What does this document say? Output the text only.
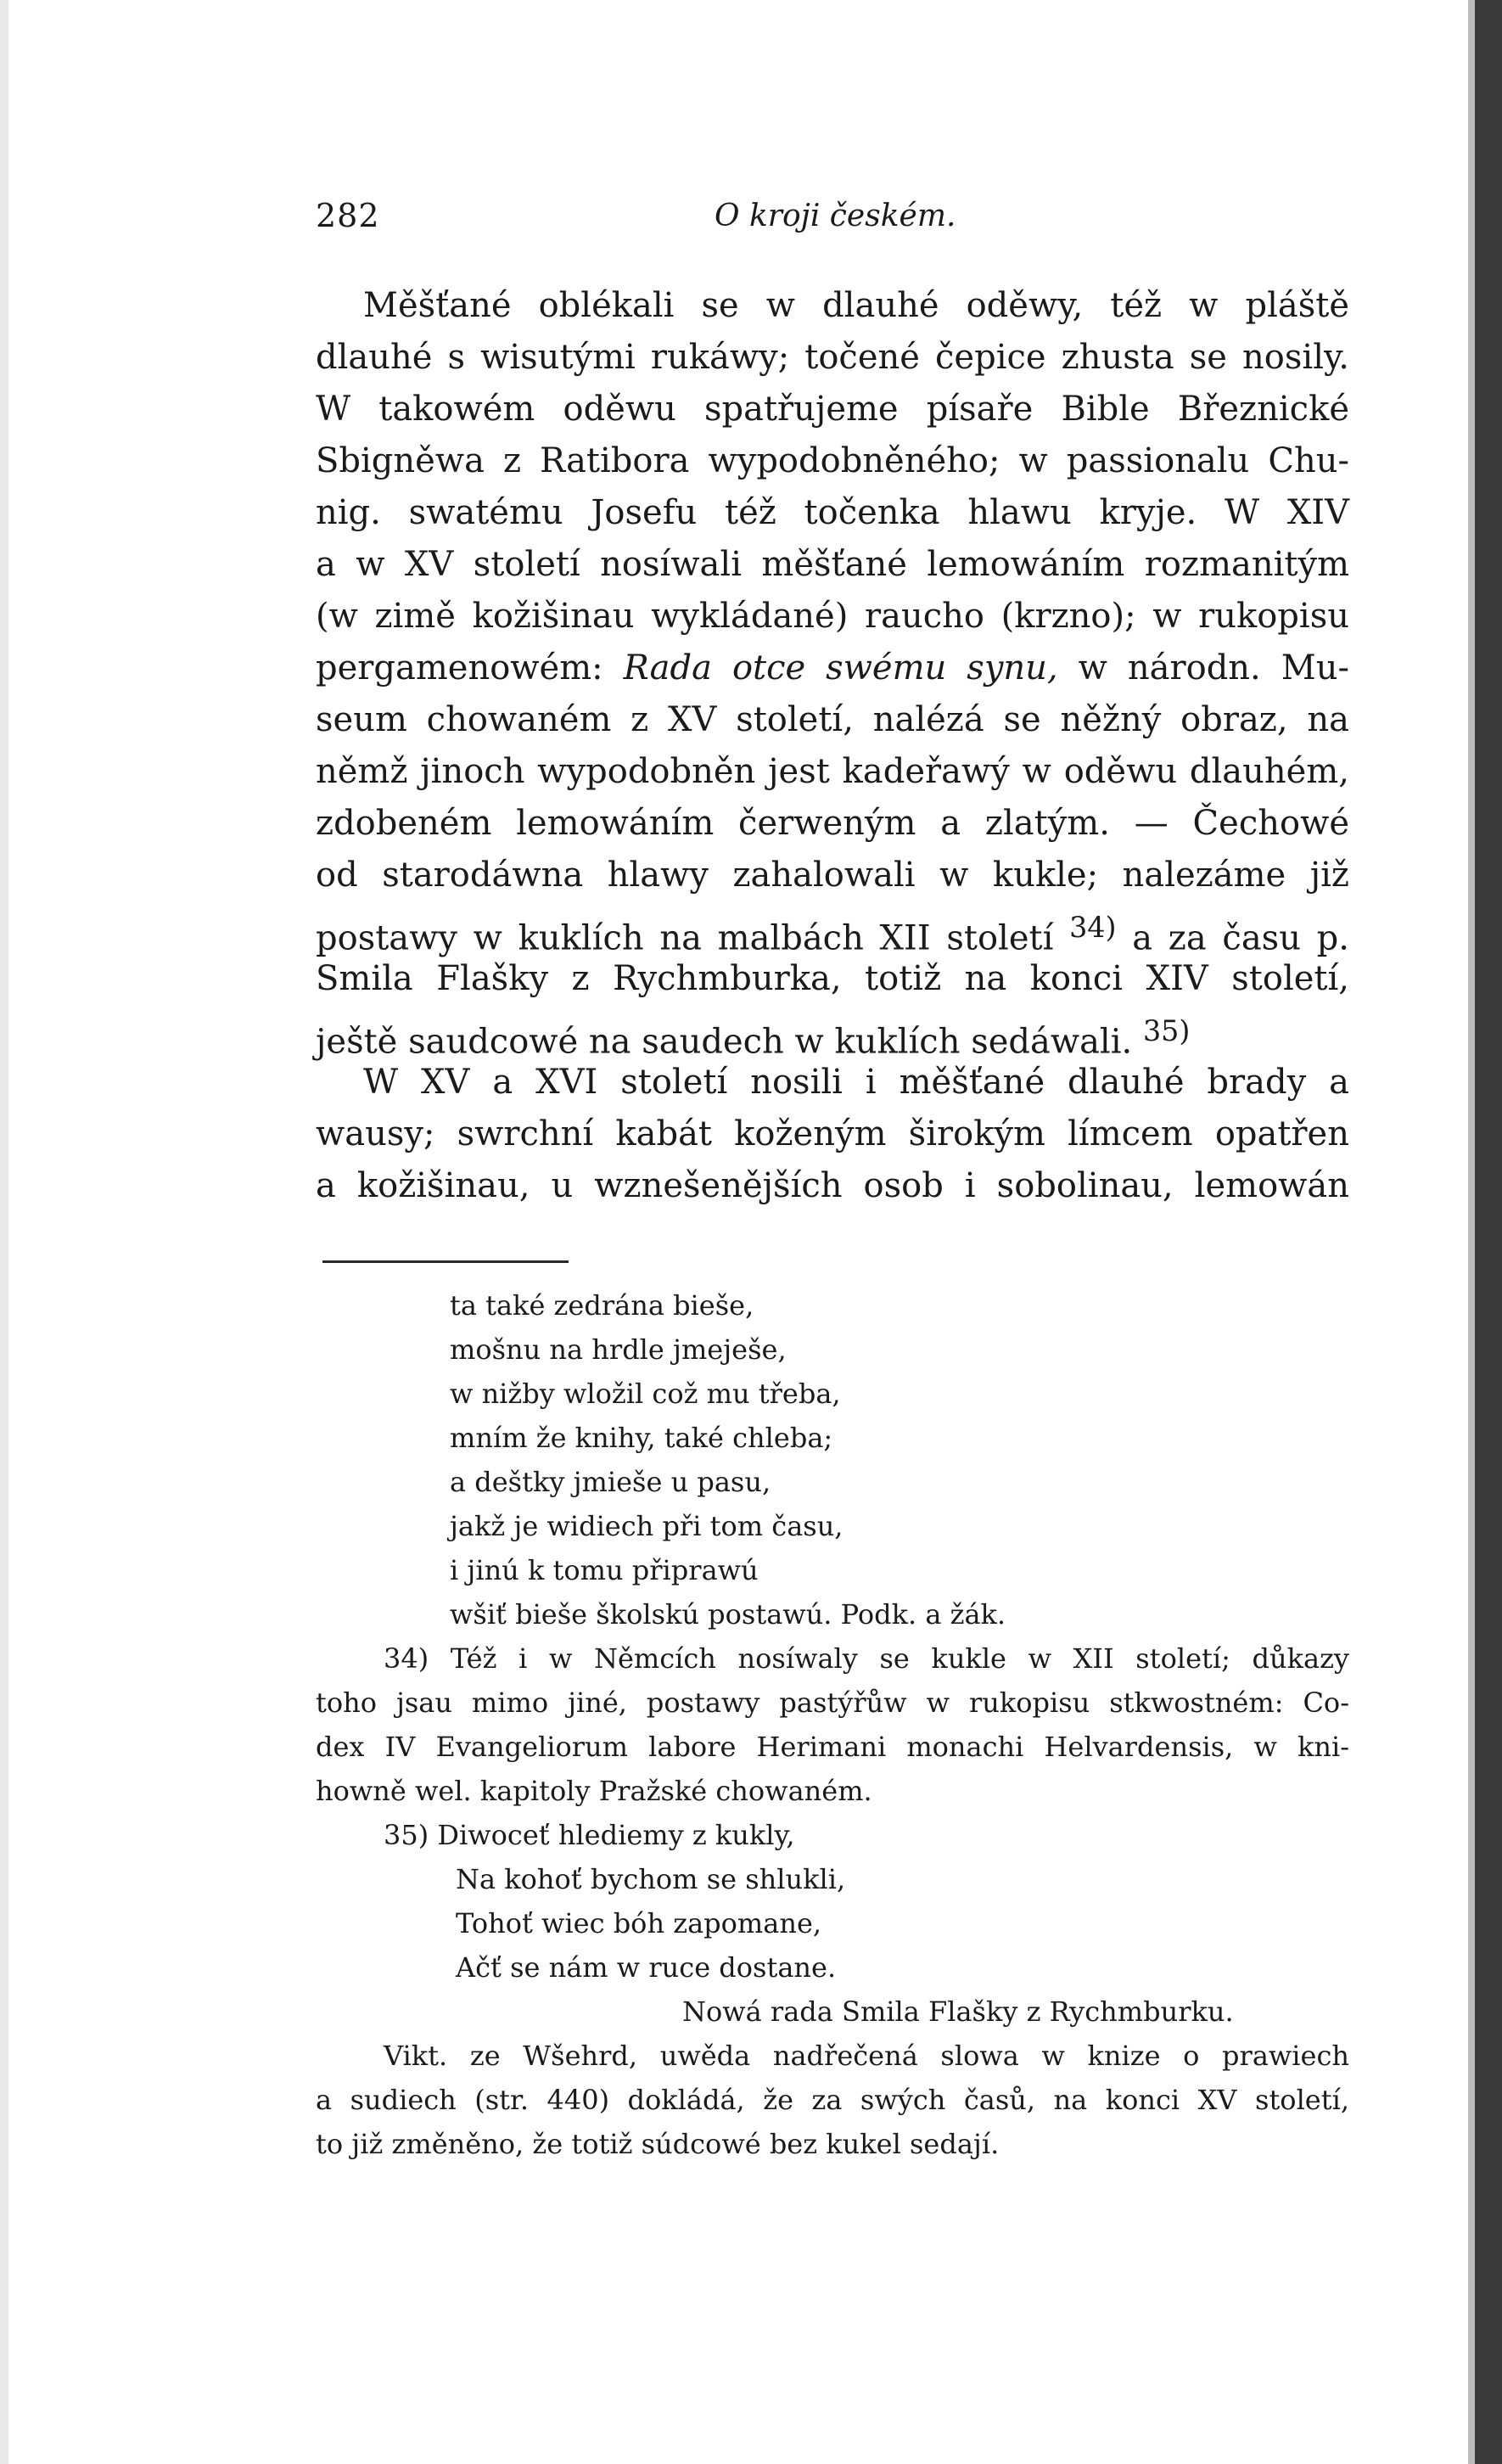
282	O kroji českém.
Měšťané oblékali se w dlauhé oděwy, též w pláště
dlauhé s wisutými rukáwy; točené čepice zhusta se nosily.
W takowém oděwu spatřujeme písaře Bible Březnické
Sbigněwa z Ratibora wypodobněného; w passionalu Chu-
nig. swatému Josefu též točenka hlawu kryje. W XIV
a w XV století nosíwali měšťané lemowáním rozmanitým
(w zimě kožišinau wykládané) raucho (krzno); w rukopisu
pergamenowém: Rada otce swému synu, w národn. Mu-
seum chowaném z XV století, nalézá se něžný obraz, na
němž jinoch wypodobněn jest kadeřawý w oděwu dlauhém,
zdobeném lemowáním čerweným a zlatým. — Čechowé
od starodáwna hlawy zahalowali w kukle; nalezáme již
postawy w kuklích na malbách XII století $^{34)}$ a za času p.
Smila Flašky z Rychmburka, totiž na konci XIV století,
ještě saudcowé na saudech w kuklích sedáwali. $^{35)}$
W XV a XVI století nosili i měšťané dlauhé brady a
wausy; swrchní kabát koženým širokým límcem opatřen
a kožišinau, u wznešenějších osob i sobolinau, lemowán
ta také zedrána bieše,
mošnu na hrdle jmeješe,
w nižby wložil což mu třeba,
mním že knihy, také chleba;
a deštky jmieše u pasu,
jakž je widiech při tom času,
i jinú k tomu připrawú
wšiť bieše školskú postawú. Podk. a žák.
34) Též i w Němcích nosíwaly se kukle w XII století; důkazy
toho jsau mimo jiné, postawy pastýřůw w rukopisu stkwostném: Co-
dex IV Evangeliorum labore Herimani monachi Helvardensis, w kni-
howně wel. kapitoly Pražské chowaném.
35) Diwoceť hlediemy z kukly,
Na kohoť bychom se shlukli,
Tohoť wiec bóh zapomane,
Ačť se nám w ruce dostane.
Nowá rada Smila Flašky z Rychmburku.
Vikt. ze Wšehrd, uwěda nadřečená slowa w knize o prawiech
a sudiech (str. 440) dokládá, že za swých časů, na konci XV století,
to již změněno, že totiž súdcowé bez kukel sedají.
